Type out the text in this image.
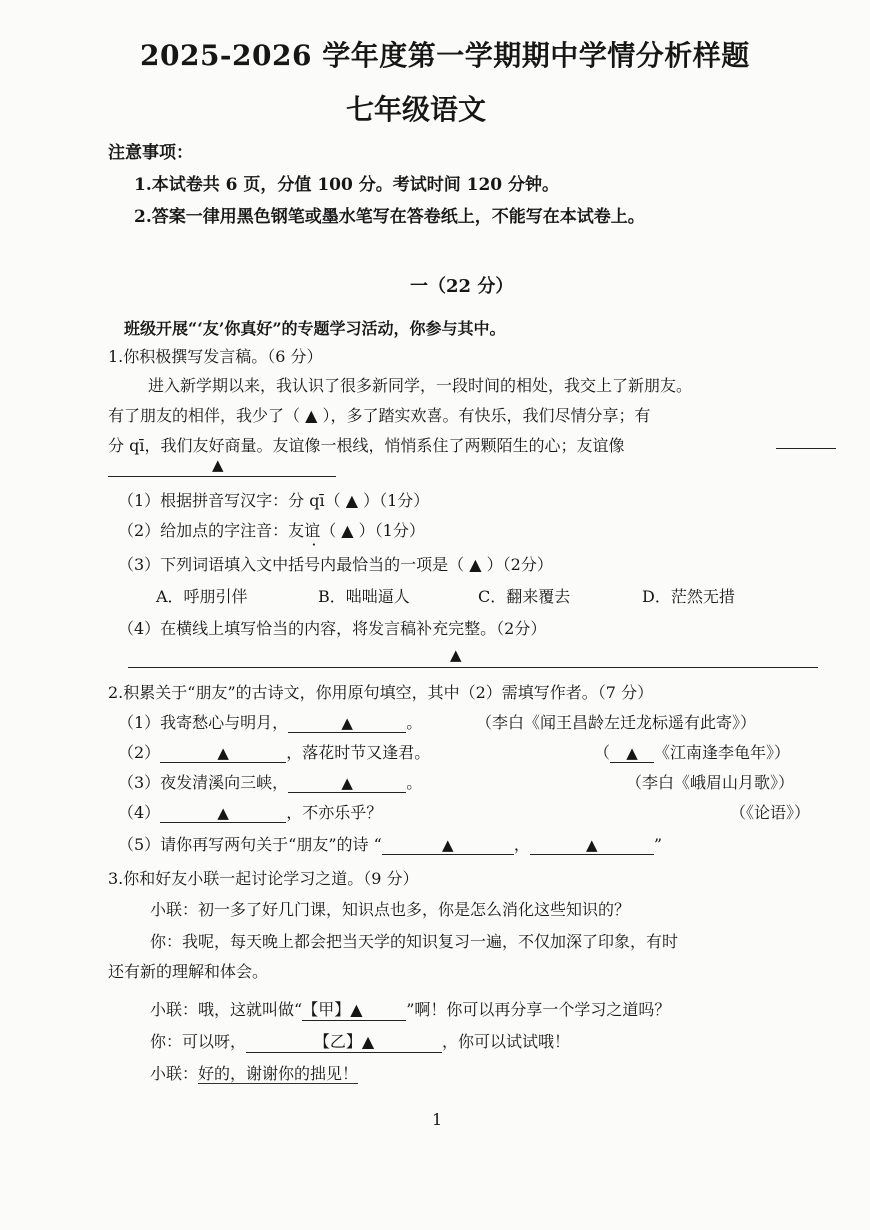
2025-2026 学年度第一学期期中学情分析样题
七年级语文
注意事项：
1.本试卷共 6 页，分值 100 分。考试时间 120 分钟。
2.答案一律用黑色钢笔或墨水笔写在答卷纸上，不能写在本试卷上。
一（22 分）
班级开展“‘友’你真好”的专题学习活动，你参与其中。
1.你积极撰写发言稿。（6 分）
进入新学期以来，我认识了很多新同学，一段时间的相处，我交上了新朋友。
有了朋友的相伴，我少了（ ▲ ），多了踏实欢喜。有快乐，我们尽情分享；有
分 qī，我们友好商量。友谊像一根线，悄悄系住了两颗陌生的心；友谊像
▲
（1）根据拼音写汉字：分 qī（ ▲ ）（1分）
（2）给加点的字注音：友谊（ ▲ ）（1分）
（3）下列词语填入文中括号内最恰当的一项是（ ▲ ）（2分）
A．呼朋引伴	B．咄咄逼人	C．翻来覆去	D．茫然无措
（4）在横线上填写恰当的内容，将发言稿补充完整。（2分）
▲
2.积累关于“朋友”的古诗文，你用原句填空，其中（2）需填写作者。（7 分）
（1）我寄愁心与明月，	▲	。	（李白《闻王昌龄左迁龙标遥有此寄》）
（2）	▲	，落花时节又逢君。	（ ▲ 《江南逢李龟年》）
（3）夜发清溪向三峡，	▲	。	（李白《峨眉山月歌》）
（4）	▲	，不亦乐乎？	（《论语》）
（5）请你再写两句关于“朋友”的诗 “	▲	，	▲	”
3.你和好友小联一起讨论学习之道。（9 分）
小联：初一多了好几门课，知识点也多，你是怎么消化这些知识的？
你：我呢，每天晚上都会把当天学的知识复习一遍，不仅加深了印象，有时
还有新的理解和体会。
小联：哦，这就叫做“【甲】▲	”啊！你可以再分享一个学习之道吗？
你：可以呀，	【乙】▲	，你可以试试哦！
小联：好的，谢谢你的拙见！
1
